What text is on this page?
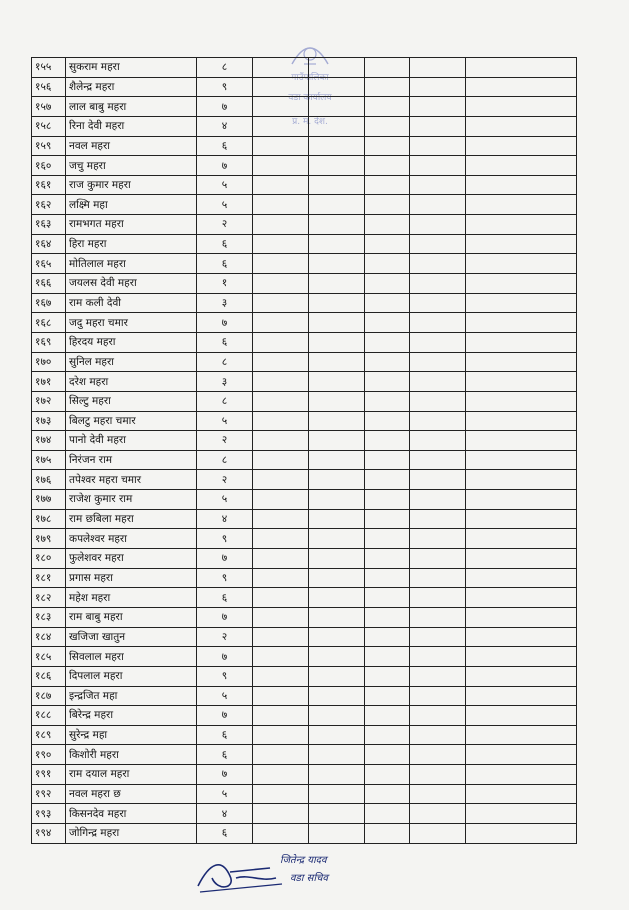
गाउँपालिका
वडा कार्यालय
प्र. म. देश.
१५५	सुकराम महरा	८					
१५६	शैलेन्द्र महरा	९					
१५७	लाल बाबु महरा	७					
१५८	रिना देवी महरा	४					
१५९	नवल महरा	६					
१६०	जचु महरा	७					
१६१	राज कुमार महरा	५					
१६२	लक्ष्मि महा	५					
१६३	रामभगत महरा	२					
१६४	हिरा महरा	६					
१६५	मोतिलाल महरा	६					
१६६	जयलस देवी महरा	१					
१६७	राम कली देवी	३					
१६८	जदु महरा चमार	७					
१६९	हिरदय महरा	६					
१७०	सुनिल महरा	८					
१७१	दरेश महरा	३					
१७२	सिल्टु महरा	८					
१७३	बिलटु महरा चमार	५					
१७४	पानो देवी महरा	२					
१७५	निरंजन राम	८					
१७६	तपेश्वर महरा चमार	२					
१७७	राजेश कुमार राम	५					
१७८	राम छबिला महरा	४					
१७९	कपलेश्वर महरा	९					
१८०	फुलेशवर महरा	७					
१८१	प्रगास महरा	९					
१८२	महेश महरा	६					
१८३	राम बाबु महरा	७					
१८४	खजिजा खातुन	२					
१८५	सिवलाल महरा	७					
१८६	दिपलाल महरा	९					
१८७	इन्द्रजित महा	५					
१८८	बिरेन्द्र महरा	७					
१८९	सुरेन्द्र महा	६					
१९०	किशोरी महरा	६					
१९१	राम दयाल महरा	७					
१९२	नवल महरा छ	५					
१९३	किसनदेव महरा	४					
१९४	जोगिन्द्र महरा	६					
जितेन्द्र यादव
वडा सचिव
